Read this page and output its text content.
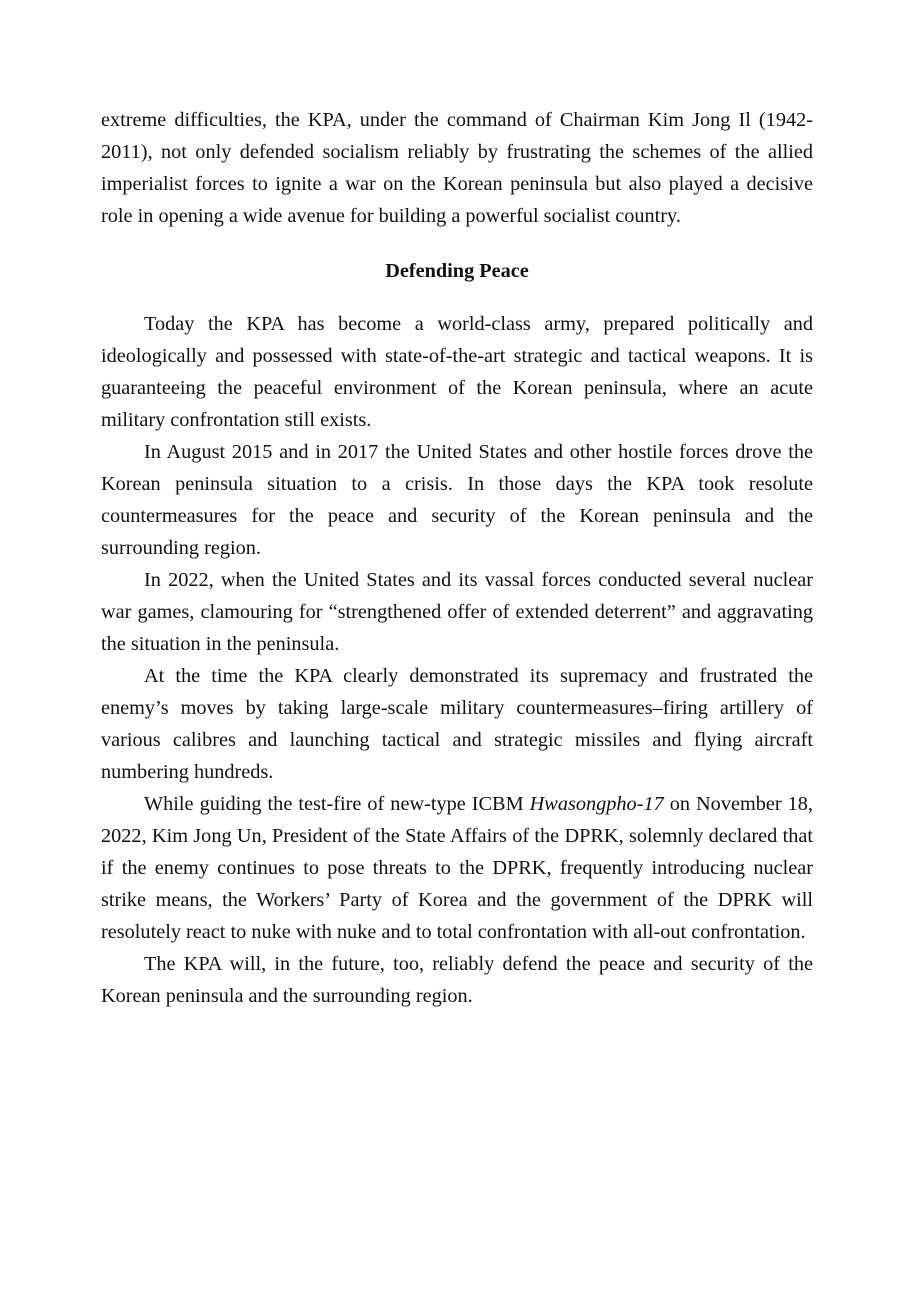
extreme difficulties, the KPA, under the command of Chairman Kim Jong Il (1942-2011), not only defended socialism reliably by frustrating the schemes of the allied imperialist forces to ignite a war on the Korean peninsula but also played a decisive role in opening a wide avenue for building a powerful socialist country.

Defending Peace

Today the KPA has become a world-class army, prepared politically and ideologically and possessed with state-of-the-art strategic and tactical weapons. It is guaranteeing the peaceful environment of the Korean peninsula, where an acute military confrontation still exists.

In August 2015 and in 2017 the United States and other hostile forces drove the Korean peninsula situation to a crisis. In those days the KPA took resolute countermeasures for the peace and security of the Korean peninsula and the surrounding region.

In 2022, when the United States and its vassal forces conducted several nuclear war games, clamouring for “strengthened offer of extended deterrent” and aggravating the situation in the peninsula.

At the time the KPA clearly demonstrated its supremacy and frustrated the enemy’s moves by taking large-scale military countermeasures–firing artillery of various calibres and launching tactical and strategic missiles and flying aircraft numbering hundreds.

While guiding the test-fire of new-type ICBM Hwasongpho-17 on November 18, 2022, Kim Jong Un, President of the State Affairs of the DPRK, solemnly declared that if the enemy continues to pose threats to the DPRK, frequently introducing nuclear strike means, the Workers’ Party of Korea and the government of the DPRK will resolutely react to nuke with nuke and to total confrontation with all-out confrontation.

The KPA will, in the future, too, reliably defend the peace and security of the Korean peninsula and the surrounding region.
